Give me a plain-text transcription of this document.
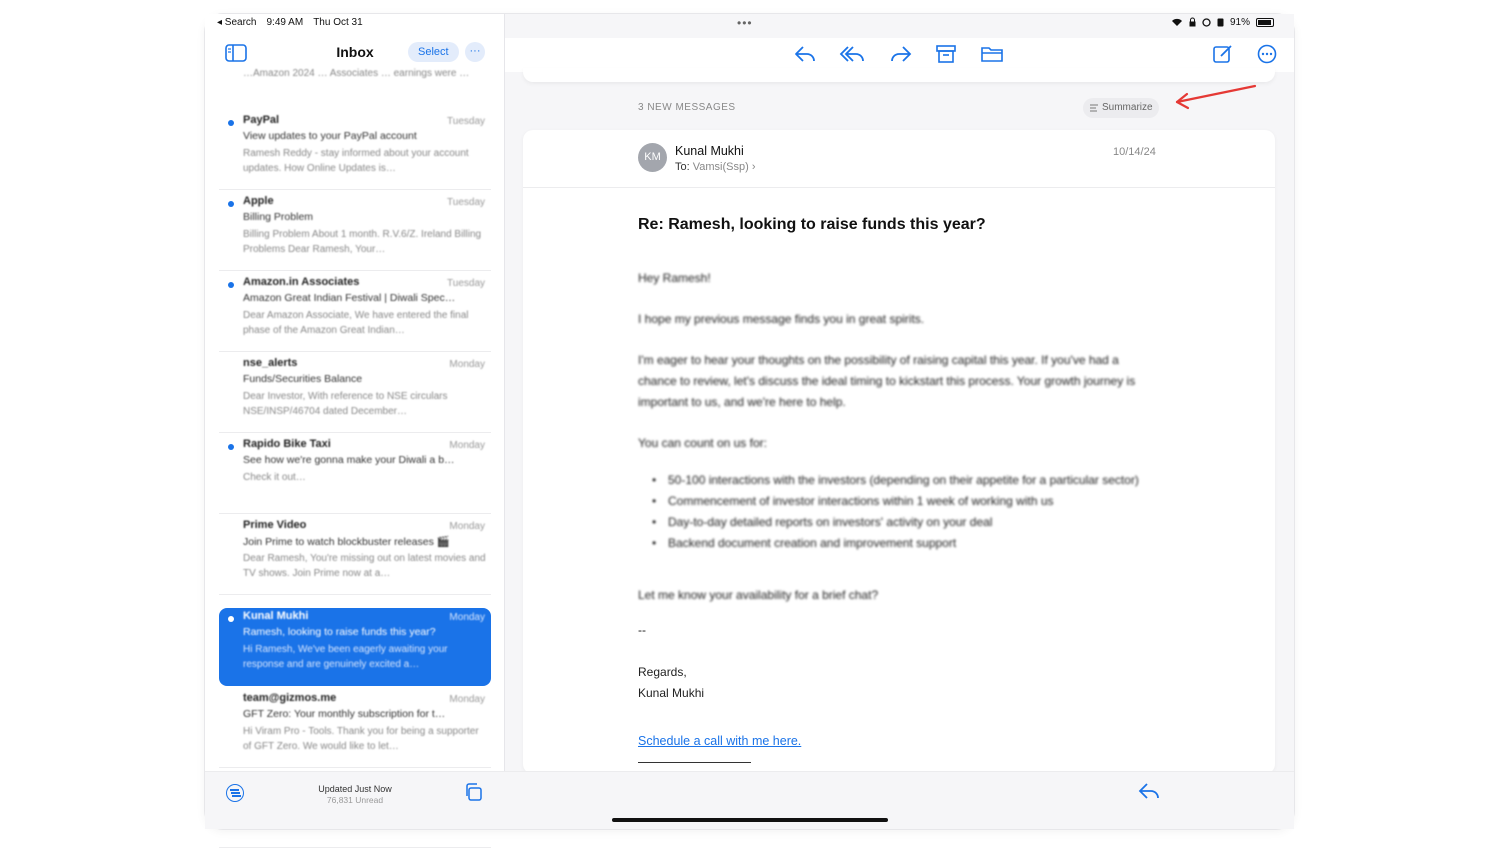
◂ Search 9:49 AM Thu Oct 31
Inbox	Select	···
…Amazon 2024 … Associates … earnings were …
PayPal	Tuesday
View updates to your PayPal account
Ramesh Reddy - stay informed about your account updates. How Online Updates is…
Apple	Tuesday
Billing Problem
Billing Problem About 1 month. R.V.6/Z. Ireland Billing Problems Dear Ramesh, Your…
Amazon.in Associates	Tuesday
Amazon Great Indian Festival | Diwali Spec…
Dear Amazon Associate, We have entered the final phase of the Amazon Great Indian…
nse_alerts	Monday
Funds/Securities Balance
Dear Investor, With reference to NSE circulars NSE/INSP/46704 dated December…
Rapido Bike Taxi	Monday
See how we're gonna make your Diwali a b…
Check it out…
Prime Video	Monday
Join Prime to watch blockbuster releases 🎬
Dear Ramesh, You're missing out on latest movies and TV shows. Join Prime now at a…
Kunal Mukhi	Monday
Ramesh, looking to raise funds this year?
Hi Ramesh, We've been eagerly awaiting your response and are genuinely excited a…
team@gizmos.me	Monday
GFT Zero: Your monthly subscription for t…
Hi Viram Pro - Tools. Thank you for being a supporter of GFT Zero. We would like to let…
Updated Just Now
76,831 Unread
•••	91%
3 NEW MESSAGES	Summarize
KM	Kunal Mukhi
To: Vamsi(Ssp) ›
10/14/24
Re: Ramesh, looking to raise funds this year?
Hey Ramesh!
I hope my previous message finds you in great spirits.
I'm eager to hear your thoughts on the possibility of raising capital this year. If you've had a chance to review, let's discuss the ideal timing to kickstart this process. Your growth journey is important to us, and we're here to help.
You can count on us for:
• 50-100 interactions with the investors (depending on their appetite for a particular sector)
• Commencement of investor interactions within 1 week of working with us
• Day-to-day detailed reports on investors' activity on your deal
• Backend document creation and improvement support
Let me know your availability for a brief chat?
--
Regards,
Kunal Mukhi
Schedule a call with me here.
